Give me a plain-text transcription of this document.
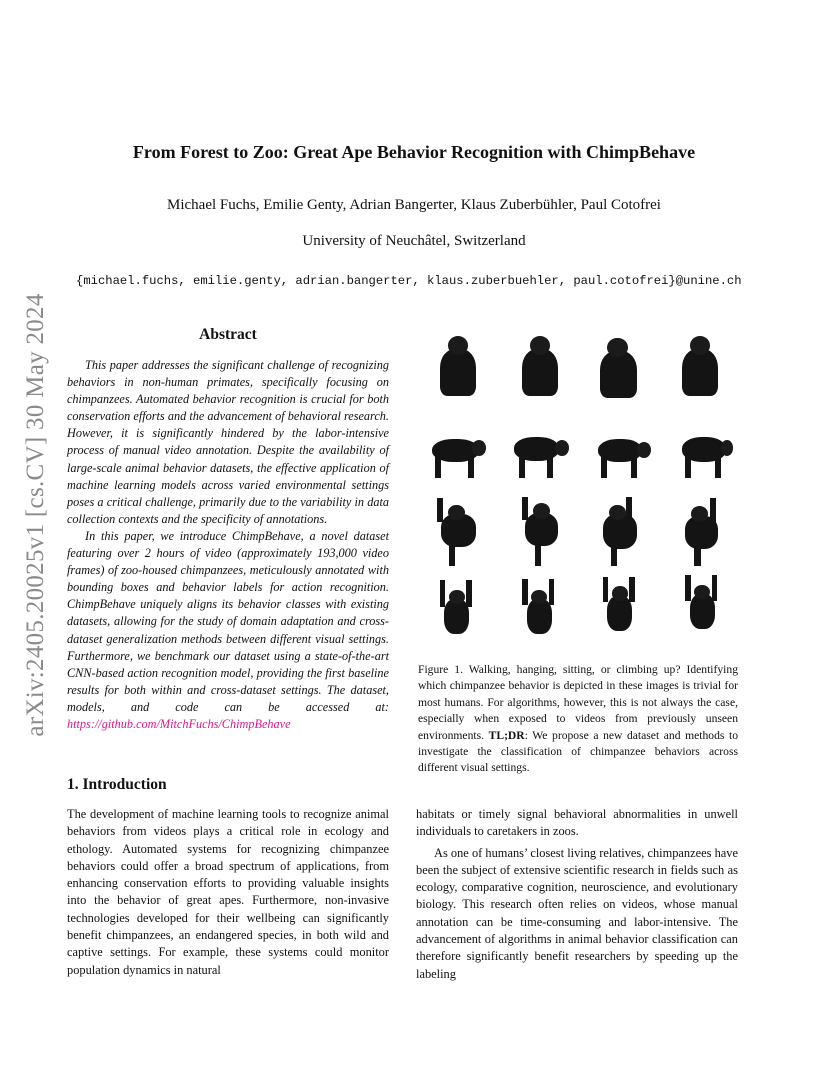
arXiv:2405.20025v1 [cs.CV] 30 May 2024
From Forest to Zoo: Great Ape Behavior Recognition with ChimpBehave
Michael Fuchs, Emilie Genty, Adrian Bangerter, Klaus Zuberbühler, Paul Cotofrei
University of Neuchâtel, Switzerland
{michael.fuchs, emilie.genty, adrian.bangerter, klaus.zuberbuehler, paul.cotofrei}@unine.ch
Abstract

This paper addresses the significant challenge of recognizing behaviors in non-human primates, specifically focusing on chimpanzees. Automated behavior recognition is crucial for both conservation efforts and the advancement of behavioral research. However, it is significantly hindered by the labor-intensive process of manual video annotation. Despite the availability of large-scale animal behavior datasets, the effective application of machine learning models across varied environmental settings poses a critical challenge, primarily due to the variability in data collection contexts and the specificity of annotations.

In this paper, we introduce ChimpBehave, a novel dataset featuring over 2 hours of video (approximately 193,000 video frames) of zoo-housed chimpanzees, meticulously annotated with bounding boxes and behavior labels for action recognition. ChimpBehave uniquely aligns its behavior classes with existing datasets, allowing for the study of domain adaptation and cross-dataset generalization methods between different visual settings. Furthermore, we benchmark our dataset using a state-of-the-art CNN-based action recognition model, providing the first baseline results for both within and cross-dataset settings. The dataset, models, and code can be accessed at: https://github.com/MitchFuchs/ChimpBehave

Figure 1. Walking, hanging, sitting, or climbing up? Identifying which chimpanzee behavior is depicted in these images is trivial for most humans. For algorithms, however, this is not always the case, especially when exposed to videos from previously unseen environments. TL;DR: We propose a new dataset and methods to investigate the classification of chimpanzee behaviors across different visual settings.
1. Introduction

The development of machine learning tools to recognize animal behaviors from videos plays a critical role in ecology and ethology. Automated systems for recognizing chimpanzee behaviors could offer a broad spectrum of applications, from enhancing conservation efforts to providing valuable insights into the behavior of great apes. Furthermore, non-invasive technologies developed for their wellbeing can significantly benefit chimpanzees, an endangered species, in both wild and captive settings. For example, these systems could monitor population dynamics in natural

habitats or timely signal behavioral abnormalities in unwell individuals to caretakers in zoos.

As one of humans’ closest living relatives, chimpanzees have been the subject of extensive scientific research in fields such as ecology, comparative cognition, neuroscience, and evolutionary biology. This research often relies on videos, whose manual annotation can be time-consuming and labor-intensive. The advancement of algorithms in animal behavior classification can therefore significantly benefit researchers by speeding up the labeling
